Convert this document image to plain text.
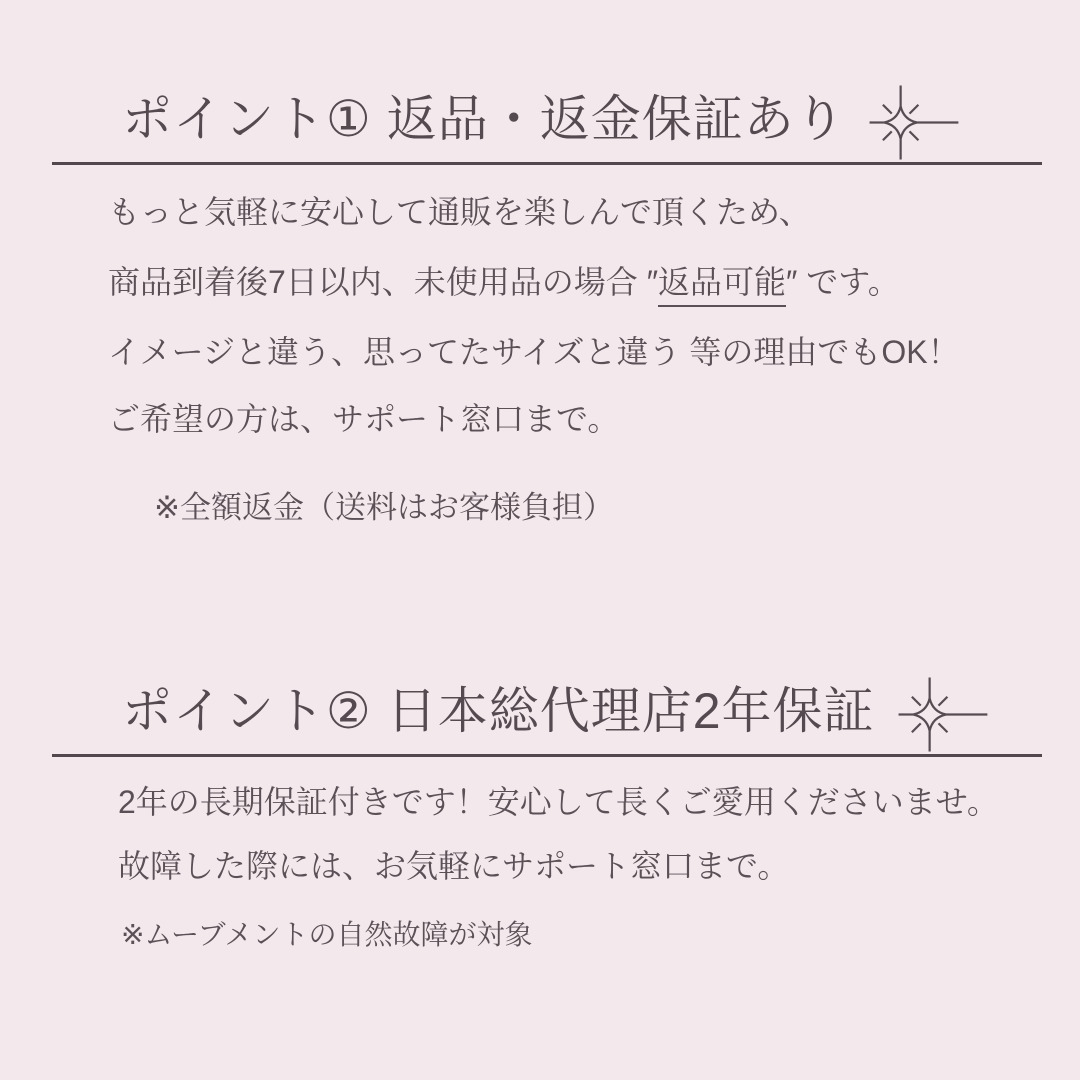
ポイント① 返品・返金保証あり

もっと気軽に安心して通販を楽しんで頂くため、

商品到着後7日以内、未使用品の場合 ″返品可能″ です。

イメージと違う、思ってたサイズと違う 等の理由でもOK！

ご希望の方は、サポート窓口まで。

※全額返金（送料はお客様負担）

ポイント② 日本総代理店2年保証

2年の長期保証付きです！安心して長くご愛用くださいませ。

故障した際には、お気軽にサポート窓口まで。

※ムーブメントの自然故障が対象
